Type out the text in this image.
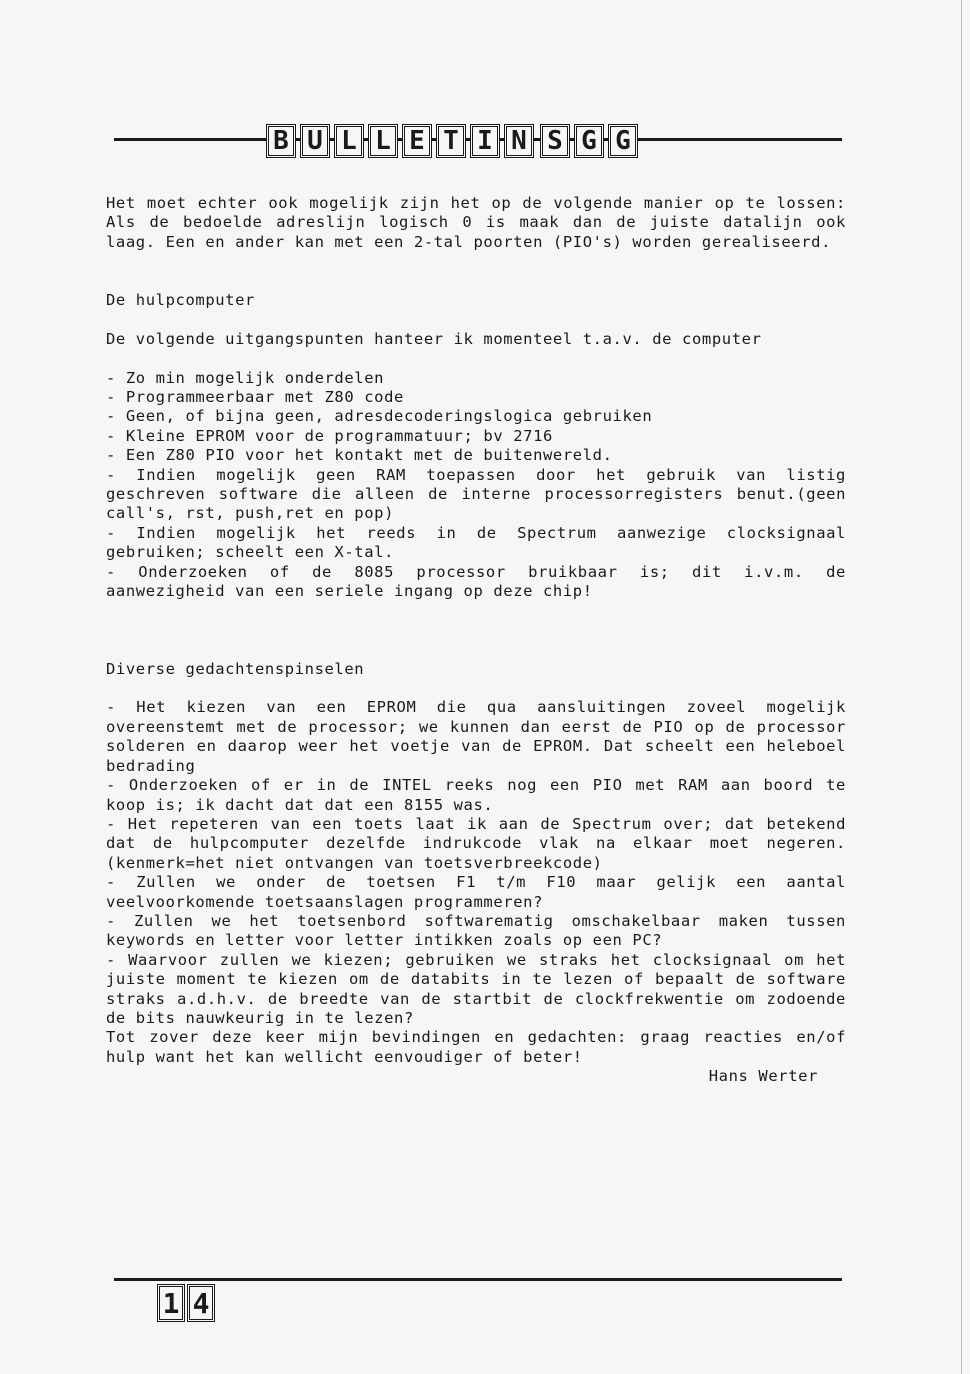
B U L L E T I N S G G

Het moet echter ook mogelijk zijn het op de volgende manier op te lossen: Als de bedoelde adreslijn logisch 0 is maak dan de juiste datalijn ook laag. Een en ander kan met een 2-tal poorten (PIO's) worden gerealiseerd.

De hulpcomputer

De volgende uitgangspunten hanteer ik momenteel t.a.v. de computer

- Zo min mogelijk onderdelen

- Programmeerbaar met Z80 code

- Geen, of bijna geen, adresdecoderingslogica gebruiken

- Kleine EPROM voor de programmatuur; bv 2716

- Een Z80 PIO voor het kontakt met de buitenwereld.

- Indien mogelijk geen RAM toepassen door het gebruik van listig geschreven software die alleen de interne processorregisters benut.(geen call's, rst, push,ret en pop)

- Indien mogelijk het reeds in de Spectrum aanwezige clocksignaal gebruiken; scheelt een X-tal.

- Onderzoeken of de 8085 processor bruikbaar is; dit i.v.m. de aanwezigheid van een seriele ingang op deze chip!

Diverse gedachtenspinselen

- Het kiezen van een EPROM die qua aansluitingen zoveel mogelijk overeenstemt met de processor; we kunnen dan eerst de PIO op de processor solderen en daarop weer het voetje van de EPROM. Dat scheelt een heleboel bedrading

- Onderzoeken of er in de INTEL reeks nog een PIO met RAM aan boord te koop is; ik dacht dat dat een 8155 was.

- Het repeteren van een toets laat ik aan de Spectrum over; dat betekend dat de hulpcomputer dezelfde indrukcode vlak na elkaar moet negeren.(kenmerk=het niet ontvangen van toetsverbreekcode)

- Zullen we onder de toetsen F1 t/m F10 maar gelijk een aantal veelvoorkomende toetsaanslagen programmeren?

- Zullen we het toetsenbord softwarematig omschakelbaar maken tussen keywords en letter voor letter intikken zoals op een PC?

- Waarvoor zullen we kiezen; gebruiken we straks het clocksignaal om het juiste moment te kiezen om de databits in te lezen of bepaalt de software straks a.d.h.v. de breedte van de startbit de clockfrekwentie om zodoende de bits nauwkeurig in te lezen?

Tot zover deze keer mijn bevindingen en gedachten: graag reacties en/of hulp want het kan wellicht eenvoudiger of beter!

Hans Werter

1 4
